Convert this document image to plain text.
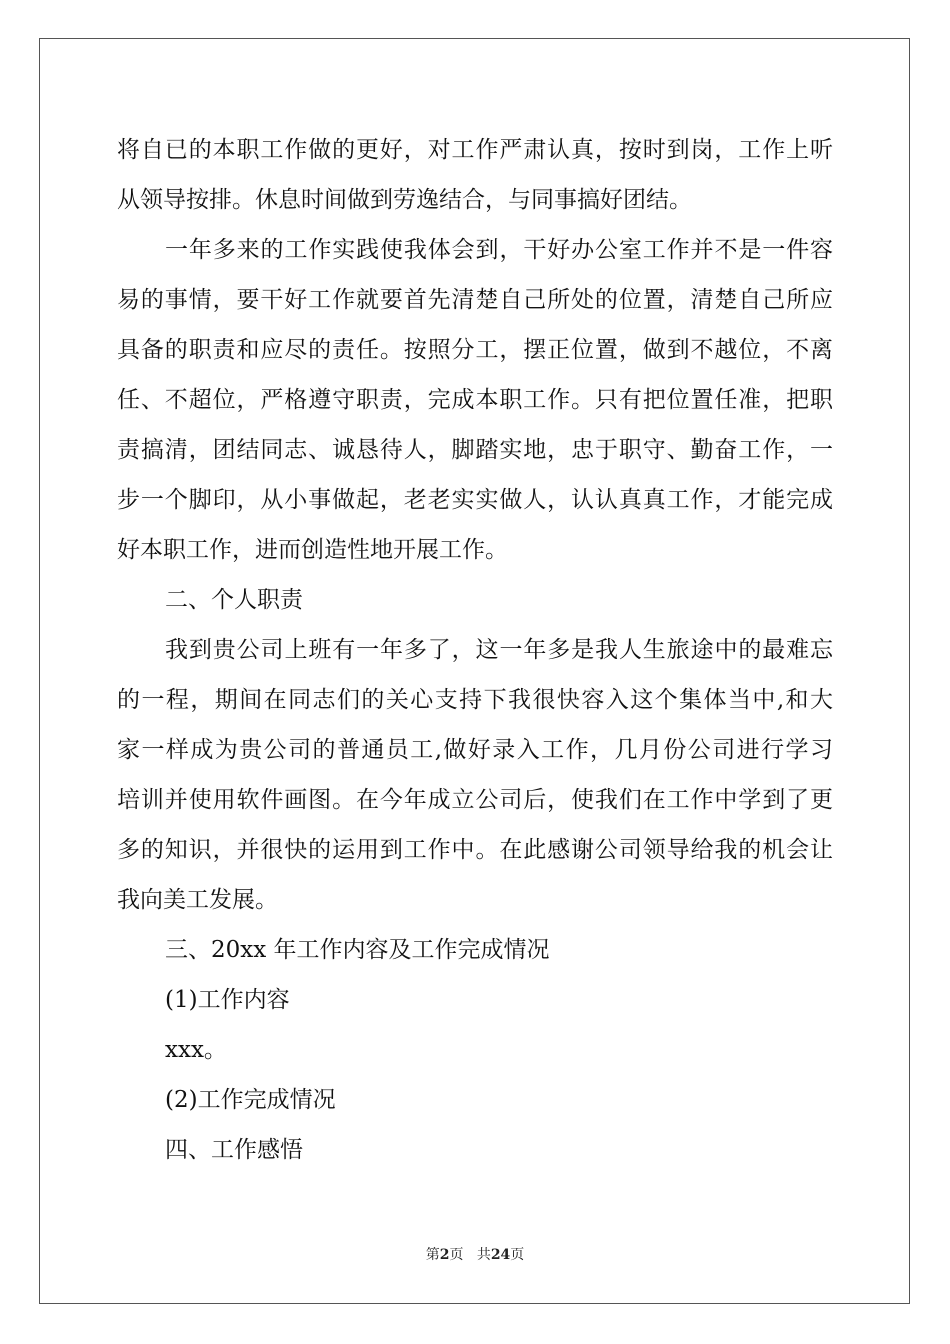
将自已的本职工作做的更好，对工作严肃认真，按时到岗，工作上听
从领导按排。休息时间做到劳逸结合，与同事搞好团结。
一年多来的工作实践使我体会到，干好办公室工作并不是一件容
易的事情，要干好工作就要首先清楚自己所处的位置，清楚自己所应
具备的职责和应尽的责任。按照分工，摆正位置，做到不越位，不离
任、不超位，严格遵守职责，完成本职工作。只有把位置任准，把职
责搞清，团结同志、诚恳待人，脚踏实地，忠于职守、勤奋工作，一
步一个脚印，从小事做起，老老实实做人，认认真真工作，才能完成
好本职工作，进而创造性地开展工作。
二、个人职责
我到贵公司上班有一年多了，这一年多是我人生旅途中的最难忘
的一程，期间在同志们的关心支持下我很快容入这个集体当中,和大
家一样成为贵公司的普通员工,做好录入工作，几月份公司进行学习
培训并使用软件画图。在今年成立公司后，使我们在工作中学到了更
多的知识，并很快的运用到工作中。在此感谢公司领导给我的机会让
我向美工发展。
三、20xx 年工作内容及工作完成情况
(1)工作内容
xxx。
(2)工作完成情况
四、工作感悟
第2页 共24页
